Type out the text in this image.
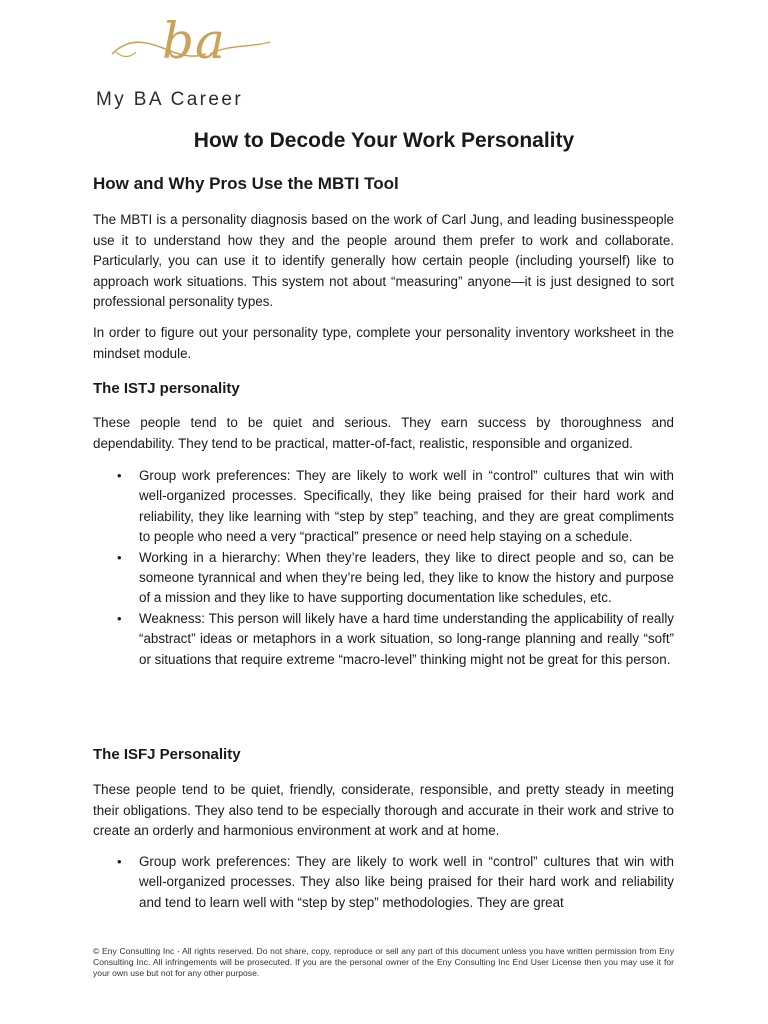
ba
My BA Career
How to Decode Your Work Personality
How and Why Pros Use the MBTI Tool

The MBTI is a personality diagnosis based on the work of Carl Jung, and leading businesspeople use it to understand how they and the people around them prefer to work and collaborate. Particularly, you can use it to identify generally how certain people (including yourself) like to approach work situations. This system not about “measuring” anyone—it is just designed to sort professional personality types.

In order to figure out your personality type, complete your personality inventory worksheet in the mindset module.

The ISTJ personality

These people tend to be quiet and serious. They earn success by thoroughness and dependability. They tend to be practical, matter-of-fact, realistic, responsible and organized.

• Group work preferences: They are likely to work well in “control” cultures that win with well-organized processes. Specifically, they like being praised for their hard work and reliability, they like learning with “step by step” teaching, and they are great compliments to people who need a very “practical” presence or need help staying on a schedule.
• Working in a hierarchy: When they’re leaders, they like to direct people and so, can be someone tyrannical and when they’re being led, they like to know the history and purpose of a mission and they like to have supporting documentation like schedules, etc.
• Weakness: This person will likely have a hard time understanding the applicability of really “abstract” ideas or metaphors in a work situation, so long-range planning and really “soft” or situations that require extreme “macro-level” thinking might not be great for this person.
The ISFJ Personality

These people tend to be quiet, friendly, considerate, responsible, and pretty steady in meeting their obligations. They also tend to be especially thorough and accurate in their work and strive to create an orderly and harmonious environment at work and at home.

• Group work preferences: They are likely to work well in “control” cultures that win with well-organized processes. They also like being praised for their hard work and reliability and tend to learn well with “step by step” methodologies. They are great

© Eny Consulting Inc - All rights reserved. Do not share, copy, reproduce or sell any part of this document unless you have written permission from Eny Consulting Inc. All infringements will be prosecuted. If you are the personal owner of the Eny Consulting Inc End User License then you may use it for your own use but not for any other purpose.
